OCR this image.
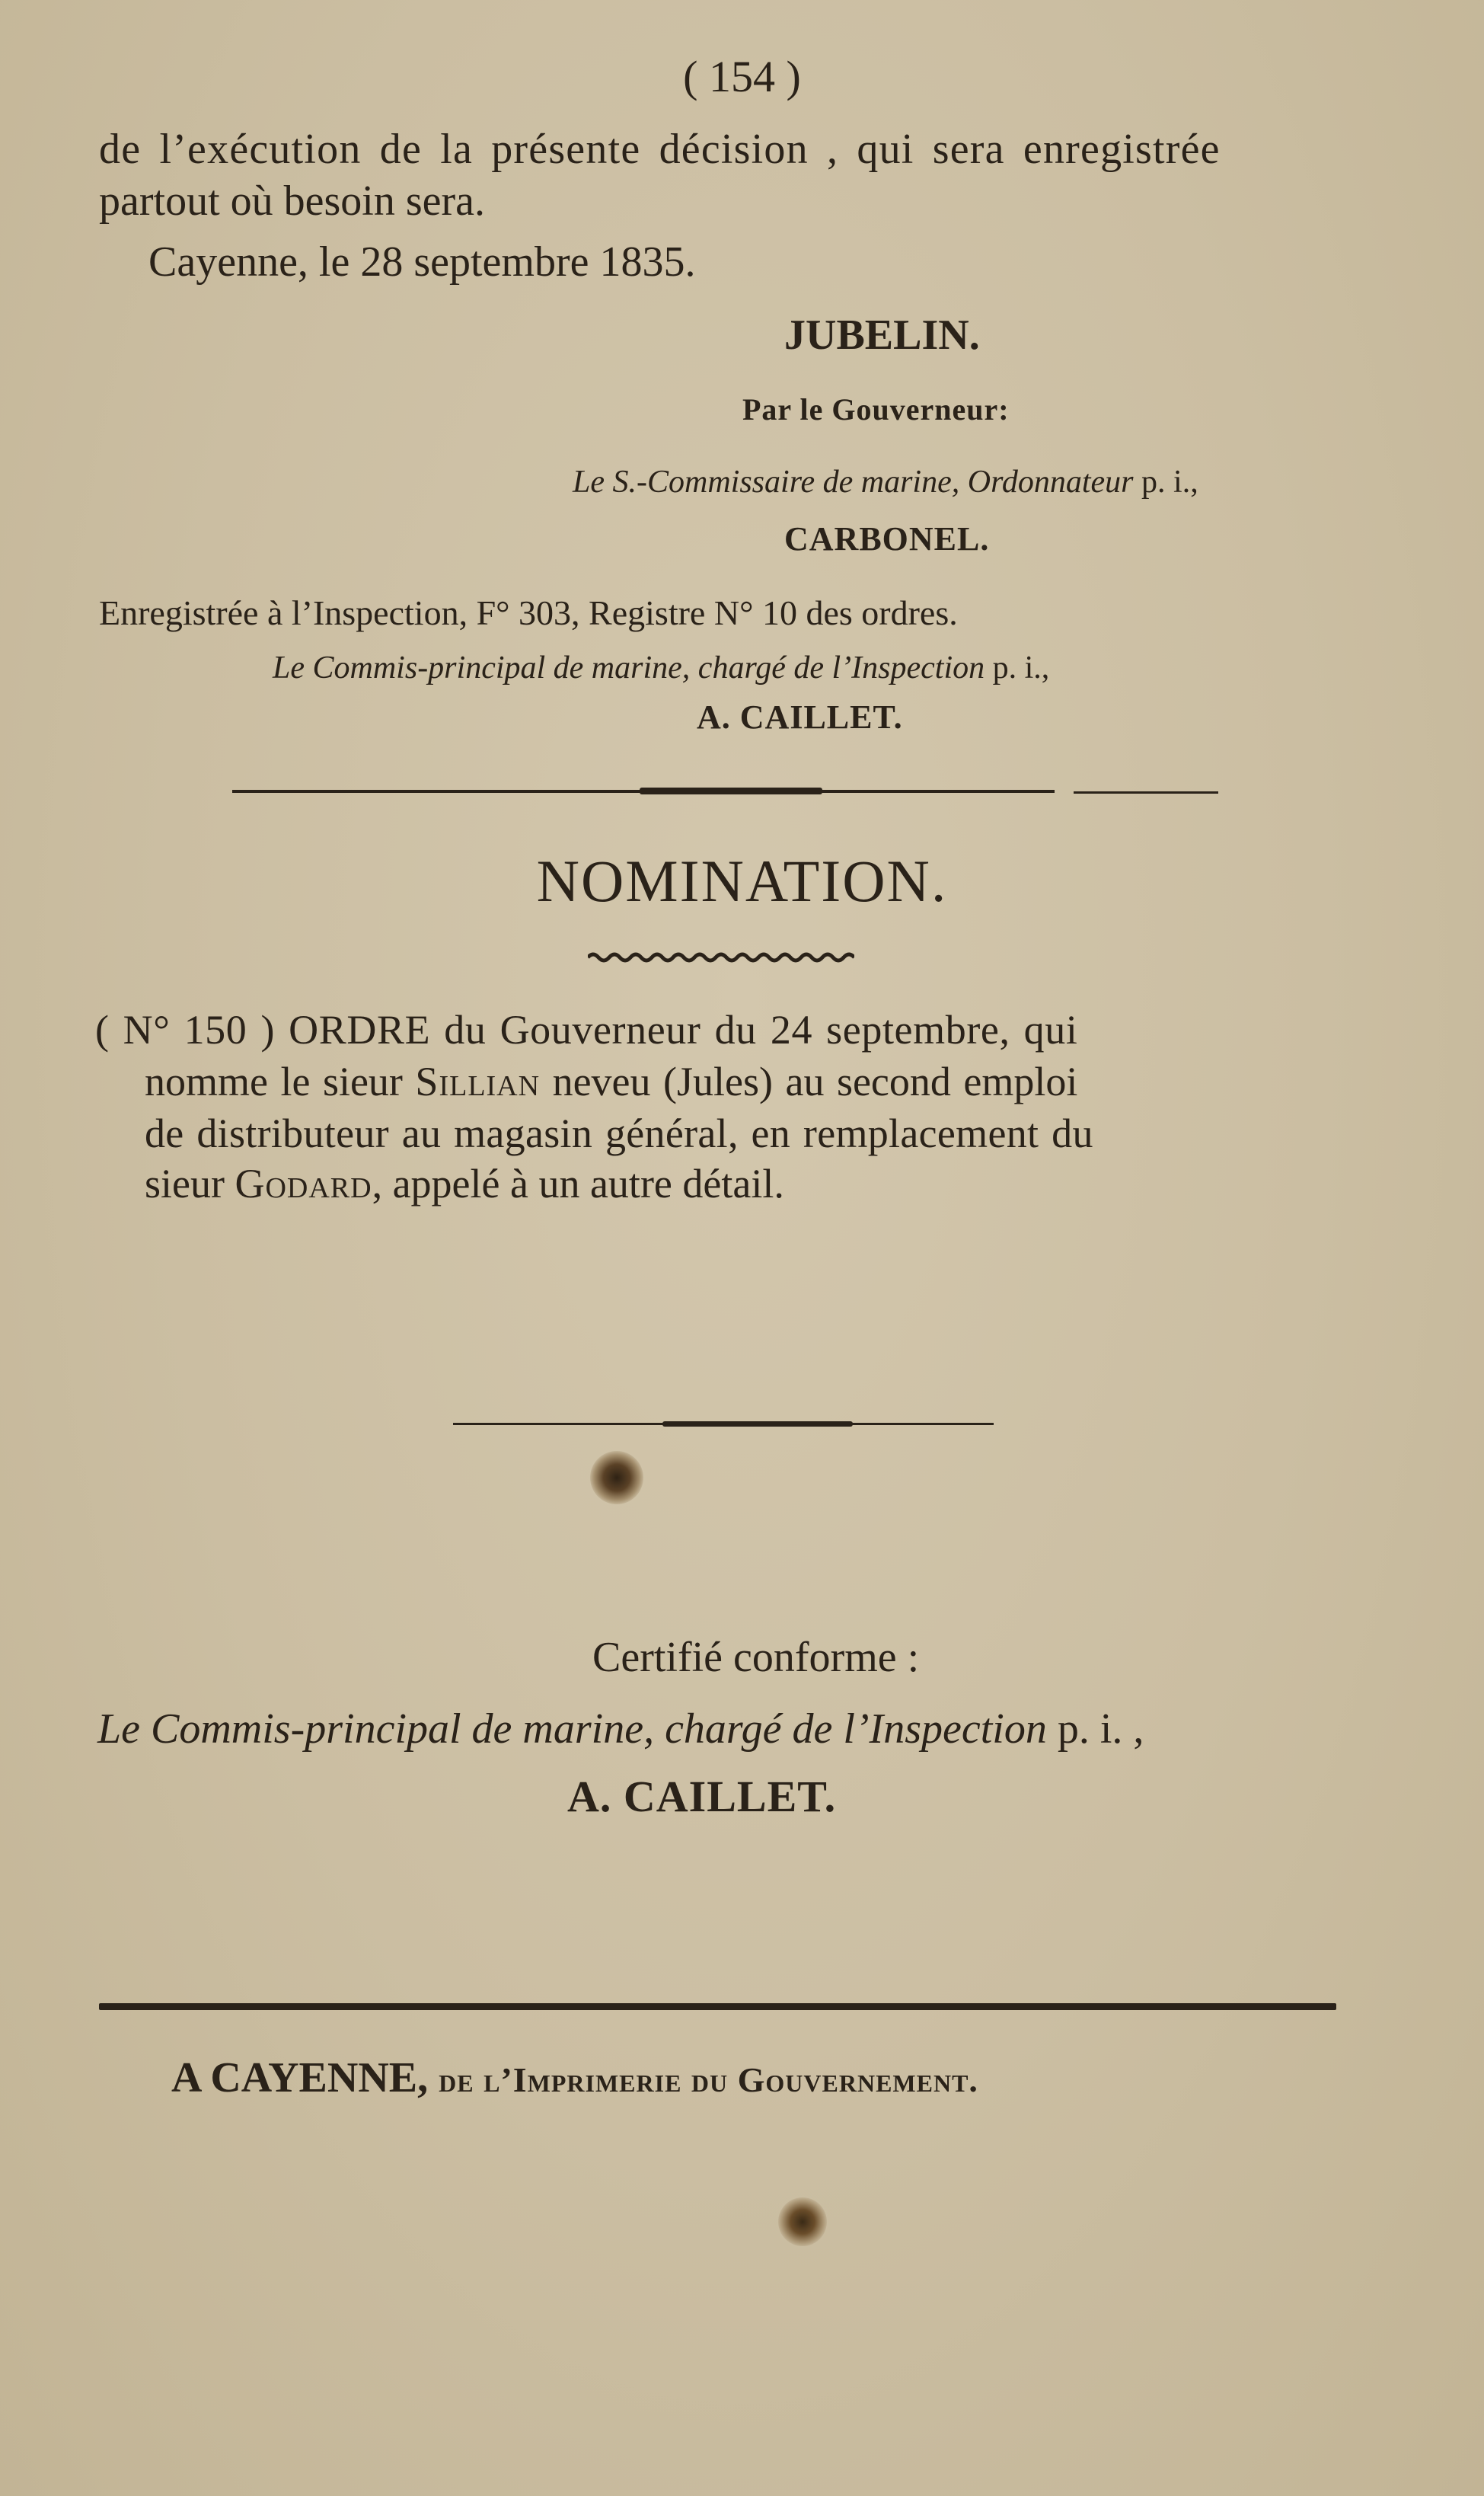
( 154 )
de l’exécution de la présente décision , qui sera enregistrée
partout où besoin sera.
Cayenne, le 28 septembre 1835.
JUBELIN.
Par le Gouverneur:
Le S.-Commissaire de marine, Ordonnateur p. i.,
CARBONEL.
Enregistrée à l’Inspection, F° 303, Registre N° 10 des ordres.
Le Commis-principal de marine, chargé de l’Inspection p. i.,
A. CAILLET.
NOMINATION.
( N° 150 ) ORDRE du Gouverneur du 24 septembre, qui
nomme le sieur Sillian neveu (Jules) au second emploi
de distributeur au magasin général, en remplacement du
sieur Godard, appelé à un autre détail.
Certifié conforme :
Le Commis-principal de marine, chargé de l’Inspection p. i. ,
A. CAILLET.
A CAYENNE, de l’Imprimerie du Gouvernement.
